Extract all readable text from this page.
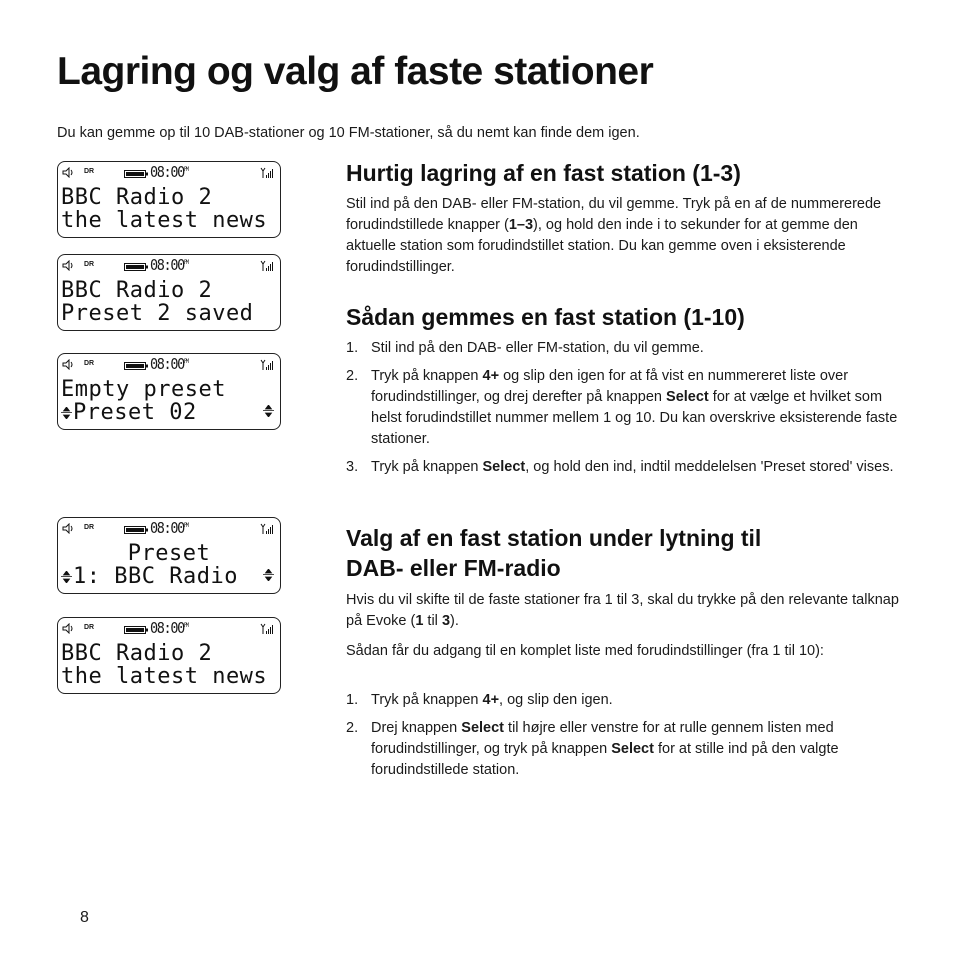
Lagring og valg af faste stationer

Du kan gemme op til 10 DAB-stationer og 10 FM-stationer, så du nemt kan finde dem igen.

DR	$08:00^{PM}$
BBC Radio 2
the latest news
DR	$08:00^{PM}$
BBC Radio 2
Preset 2 saved
DR	$08:00^{PM}$
Empty preset
Preset 02
DR	$08:00^{PM}$
Preset
1: BBC Radio
DR	$08:00^{PM}$
BBC Radio 2
the latest news
Hurtig lagring af en fast station (1-3)

Stil ind på den DAB- eller FM-station, du vil gemme. Tryk på en af de nummererede forudindstillede knapper (1–3), og hold den inde i to sekunder for at gemme den aktuelle station som forudindstillet station. Du kan gemme oven i eksisterende forudindstillinger.

Sådan gemmes en fast station (1-10)
1. Stil ind på den DAB- eller FM-station, du vil gemme.
2. Tryk på knappen 4+ og slip den igen for at få vist en nummereret liste over forudindstillinger, og drej derefter på knappen Select for at vælge et hvilket som helst forudindstillet nummer mellem 1 og 10. Du kan overskrive eksisterende faste stationer.
3. Tryk på knappen Select, og hold den ind, indtil meddelelsen 'Preset stored' vises.
Valg af en fast station under lytning til
DAB- eller FM-radio

Hvis du vil skifte til de faste stationer fra 1 til 3, skal du trykke på den relevante talknap på Evoke (1 til 3).

Sådan får du adgang til en komplet liste med forudindstillinger (fra 1 til 10):

1. Tryk på knappen 4+, og slip den igen.
2. Drej knappen Select til højre eller venstre for at rulle gennem listen med forudindstillinger, og tryk på knappen Select for at stille ind på den valgte forudindstillede station.
8
